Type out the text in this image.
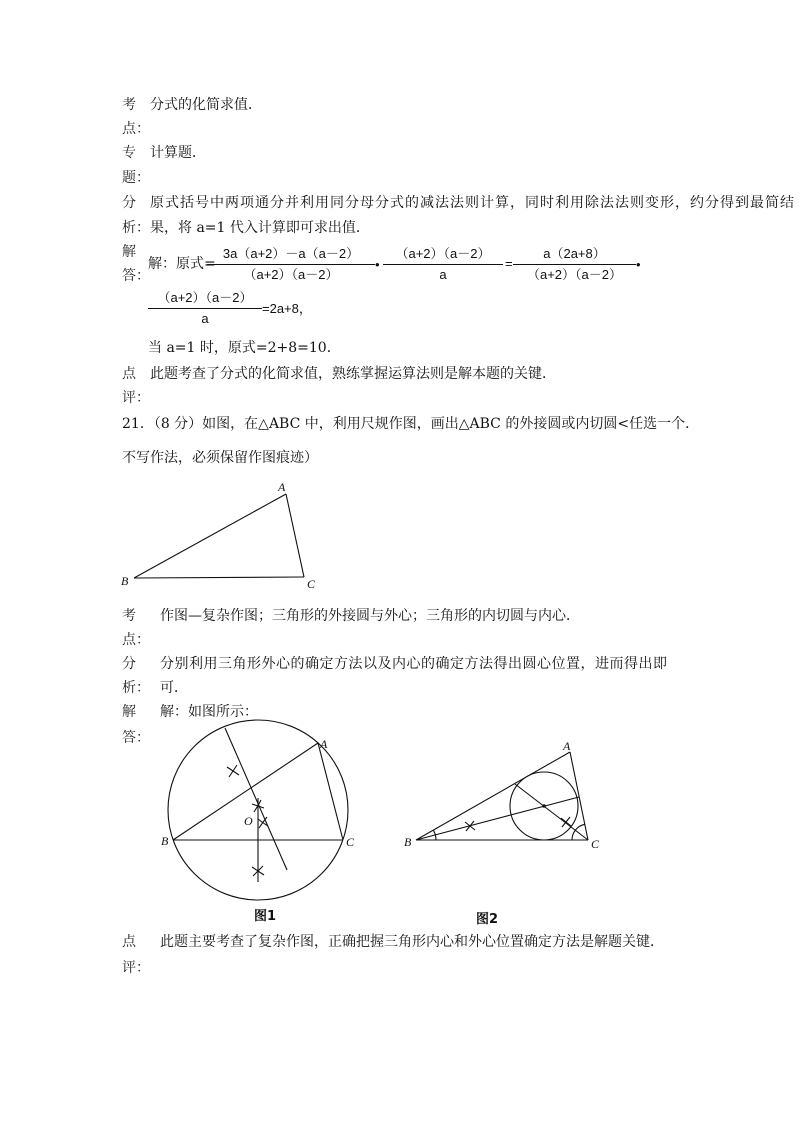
考
点：
分式的化简求值．
专
题：
计算题．
分
析：
原式括号中两项通分并利用同分母分式的减法法则计算，同时利用除法法则变形，约分得到最简结
果，将 a=1 代入计算即可求出值．
解
答：
解：原式=
3a（a+2）－a（a－2）
（a+2）（a－2）
•
（a+2）（a－2）
a
=
a（2a+8）
（a+2）（a－2）
•
（a+2）（a－2）
a
=2a+8，
当 a=1 时，原式=2+8=10．
点
评：
此题考查了分式的化简求值，熟练掌握运算法则是解本题的关键．
21．（8 分）如图，在△ABC 中，利用尺规作图，画出△ABC 的外接圆或内切圆<任选一个．
不写作法，必须保留作图痕迹）
A
B	C
考
点：
作图—复杂作图；三角形的外接圆与外心；三角形的内切圆与内心．
分
析：
分别利用三角形外心的确定方法以及内心的确定方法得出圆心位置，进而得出即
可．
解
答：
解：如图所示：
A
B	C
O
图1
A
B	C
图2
点
评：
此题主要考查了复杂作图，正确把握三角形内心和外心位置确定方法是解题关键．
